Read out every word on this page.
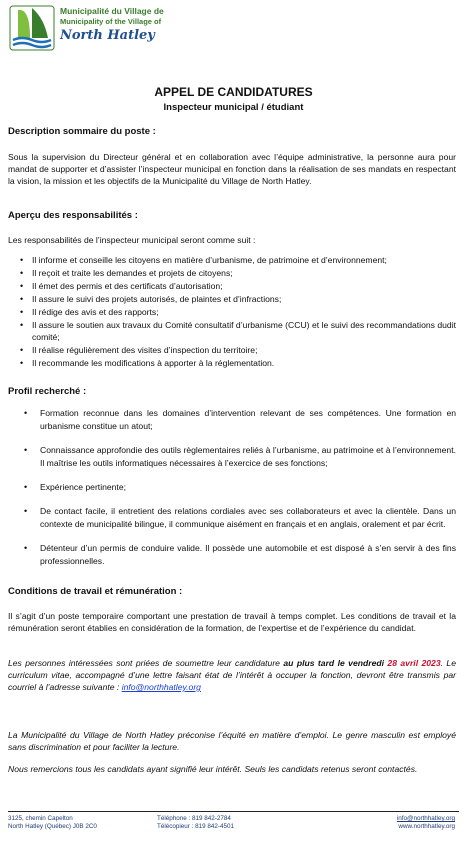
Municipalité du Village de
Municipality of the Village of
North Hatley
APPEL DE CANDIDATURES
Inspecteur municipal / étudiant
Description sommaire du poste :
Sous la supervision du Directeur général et en collaboration avec l’équipe administrative, la personne aura pour mandat de supporter et d’assister l’inspecteur municipal en fonction dans la réalisation de ses mandats en respectant la vision, la mission et les objectifs de la Municipalité du Village de North Hatley.
Aperçu des responsabilités :
Les responsabilités de l’inspecteur municipal seront comme suit :
• Il informe et conseille les citoyens en matière d’urbanisme, de patrimoine et d’environnement;
• Il reçoit et traite les demandes et projets de citoyens;
• Il émet des permis et des certificats d’autorisation;
• Il assure le suivi des projets autorisés, de plaintes et d’infractions;
• Il rédige des avis et des rapports;
• Il assure le soutien aux travaux du Comité consultatif d’urbanisme (CCU) et le suivi des recommandations dudit comité;
• Il réalise régulièrement des visites d’inspection du territoire;
• Il recommande les modifications à apporter à la réglementation.
Profil recherché :
• Formation reconnue dans les domaines d’intervention relevant de ses compétences. Une formation en urbanisme constitue un atout;
• Connaissance approfondie des outils règlementaires reliés à l’urbanisme, au patrimoine et à l’environnement. Il maîtrise les outils informatiques nécessaires à l’exercice de ses fonctions;
• Expérience pertinente;
• De contact facile, il entretient des relations cordiales avec ses collaborateurs et avec la clientèle. Dans un contexte de municipalité bilingue, il communique aisément en français et en anglais, oralement et par écrit.
• Détenteur d’un permis de conduire valide. Il possède une automobile et est disposé à s’en servir à des fins professionnelles.
Conditions de travail et rémunération :
Il s’agit d’un poste temporaire comportant une prestation de travail à temps complet. Les conditions de travail et la rémunération seront établies en considération de la formation, de l’expertise et de l’expérience du candidat.
Les personnes intéressées sont priées de soumettre leur candidature au plus tard le vendredi 28 avril 2023. Le curriculum vitae, accompagné d’une lettre faisant état de l’intérêt à occuper la fonction, devront être transmis par courriel à l’adresse suivante : info@northhatley.org
La Municipalité du Village de North Hatley préconise l’équité en matière d’emploi. Le genre masculin est employé sans discrimination et pour faciliter la lecture.
Nous remercions tous les candidats ayant signifié leur intérêt. Seuls les candidats retenus seront contactés.
3125, chemin Capelton
North Hatley (Québec) J0B 2C0
Téléphone : 819 842-2784
Télécopieur : 819 842-4501
info@northhatley.org
www.northhatley.org
